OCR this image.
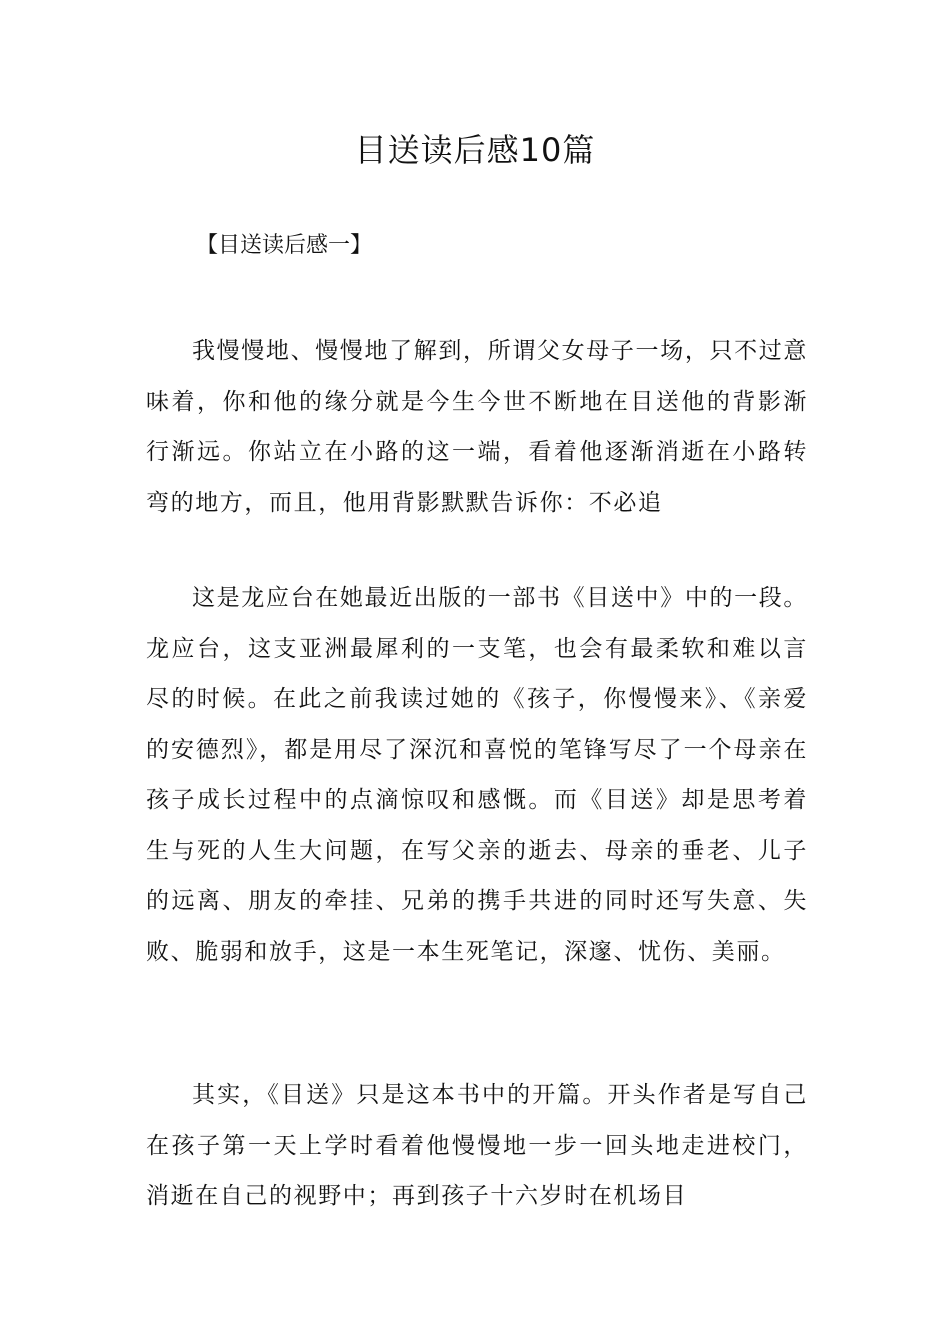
目送读后感10篇
【目送读后感一】

我慢慢地、慢慢地了解到，所谓父女母子一场，只不过意味着，你和他的缘分就是今生今世不断地在目送他的背影渐行渐远。你站立在小路的这一端，看着他逐渐消逝在小路转弯的地方，而且，他用背影默默告诉你：不必追

这是龙应台在她最近出版的一部书《目送中》中的一段。龙应台，这支亚洲最犀利的一支笔，也会有最柔软和难以言尽的时候。在此之前我读过她的《孩子，你慢慢来》、《亲爱的安德烈》，都是用尽了深沉和喜悦的笔锋写尽了一个母亲在孩子成长过程中的点滴惊叹和感慨。而《目送》却是思考着生与死的人生大问题，在写父亲的逝去、母亲的垂老、儿子的远离、朋友的牵挂、兄弟的携手共进的同时还写失意、失败、脆弱和放手，这是一本生死笔记，深邃、忧伤、美丽。

其实，《目送》只是这本书中的开篇。开头作者是写自己在孩子第一天上学时看着他慢慢地一步一回头地走进校门，消逝在自己的视野中；再到孩子十六岁时在机场目
